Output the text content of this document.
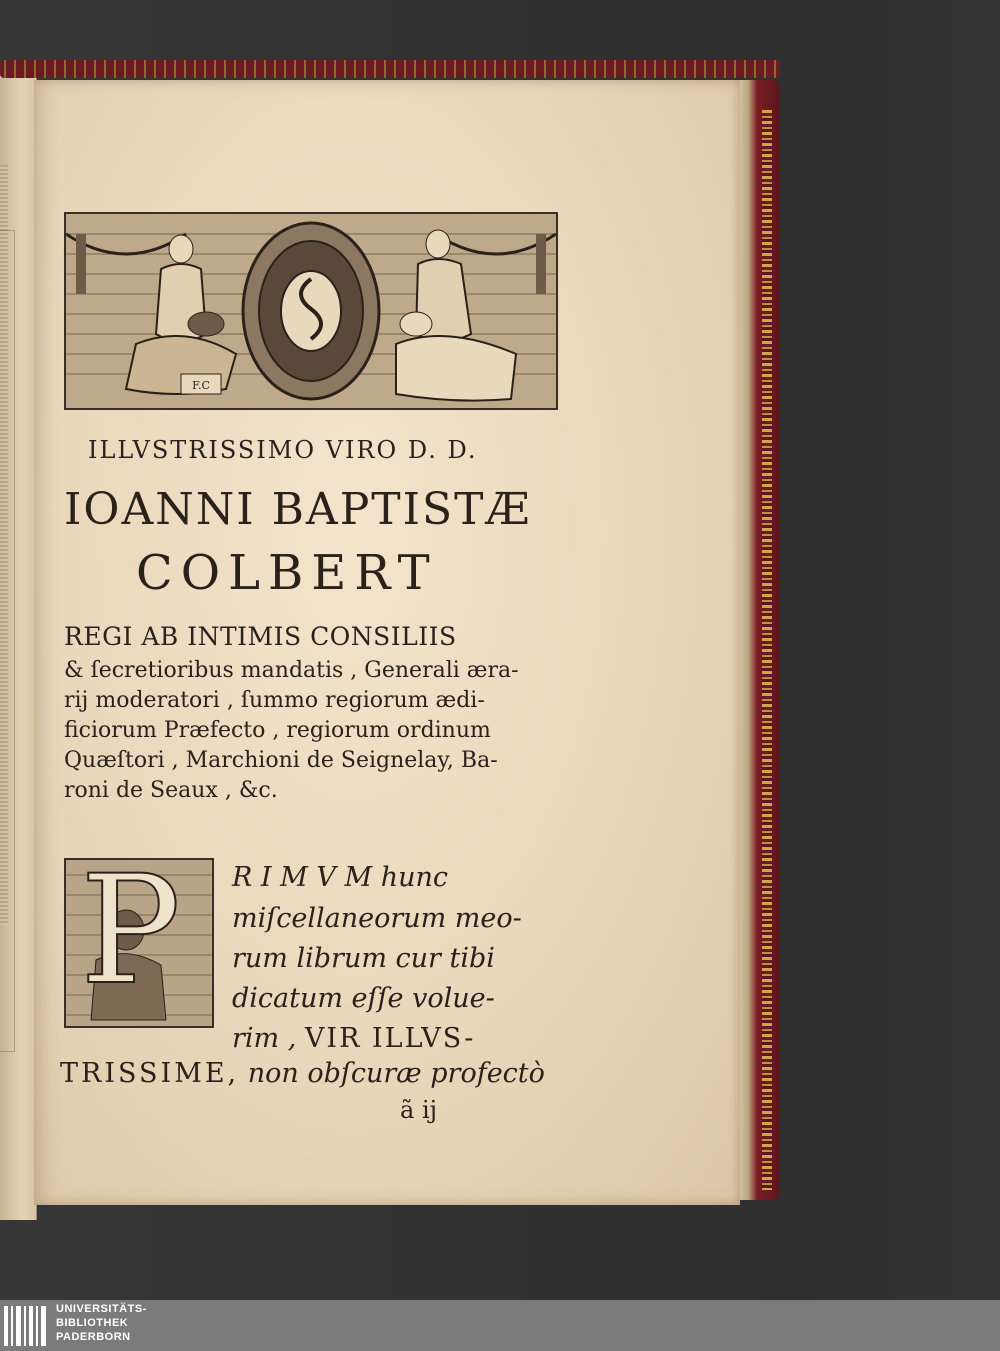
F.C
ILLVSTRISSIMO VIRO D. D.
IOANNI BAPTISTÆ
COLBERT
REGI AB INTIMIS CONSILIIS
& ſecretioribus mandatis , Generali æra-
rij moderatori , ſummo regiorum ædi-
ficiorum Præfecto , regiorum ordinum
Quæſtori , Marchioni de Seignelay, Ba-
roni de Seaux , &c.
P R I M V M hunc
miſcellaneorum meo-
rum librum cur tibi
dicatum eſſe volue-
rim , VIR ILLVS-
TRISSIME, non obſcuræ profectò
ã ij
UNIVERSITÄTS-
BIBLIOTHEK
PADERBORN
